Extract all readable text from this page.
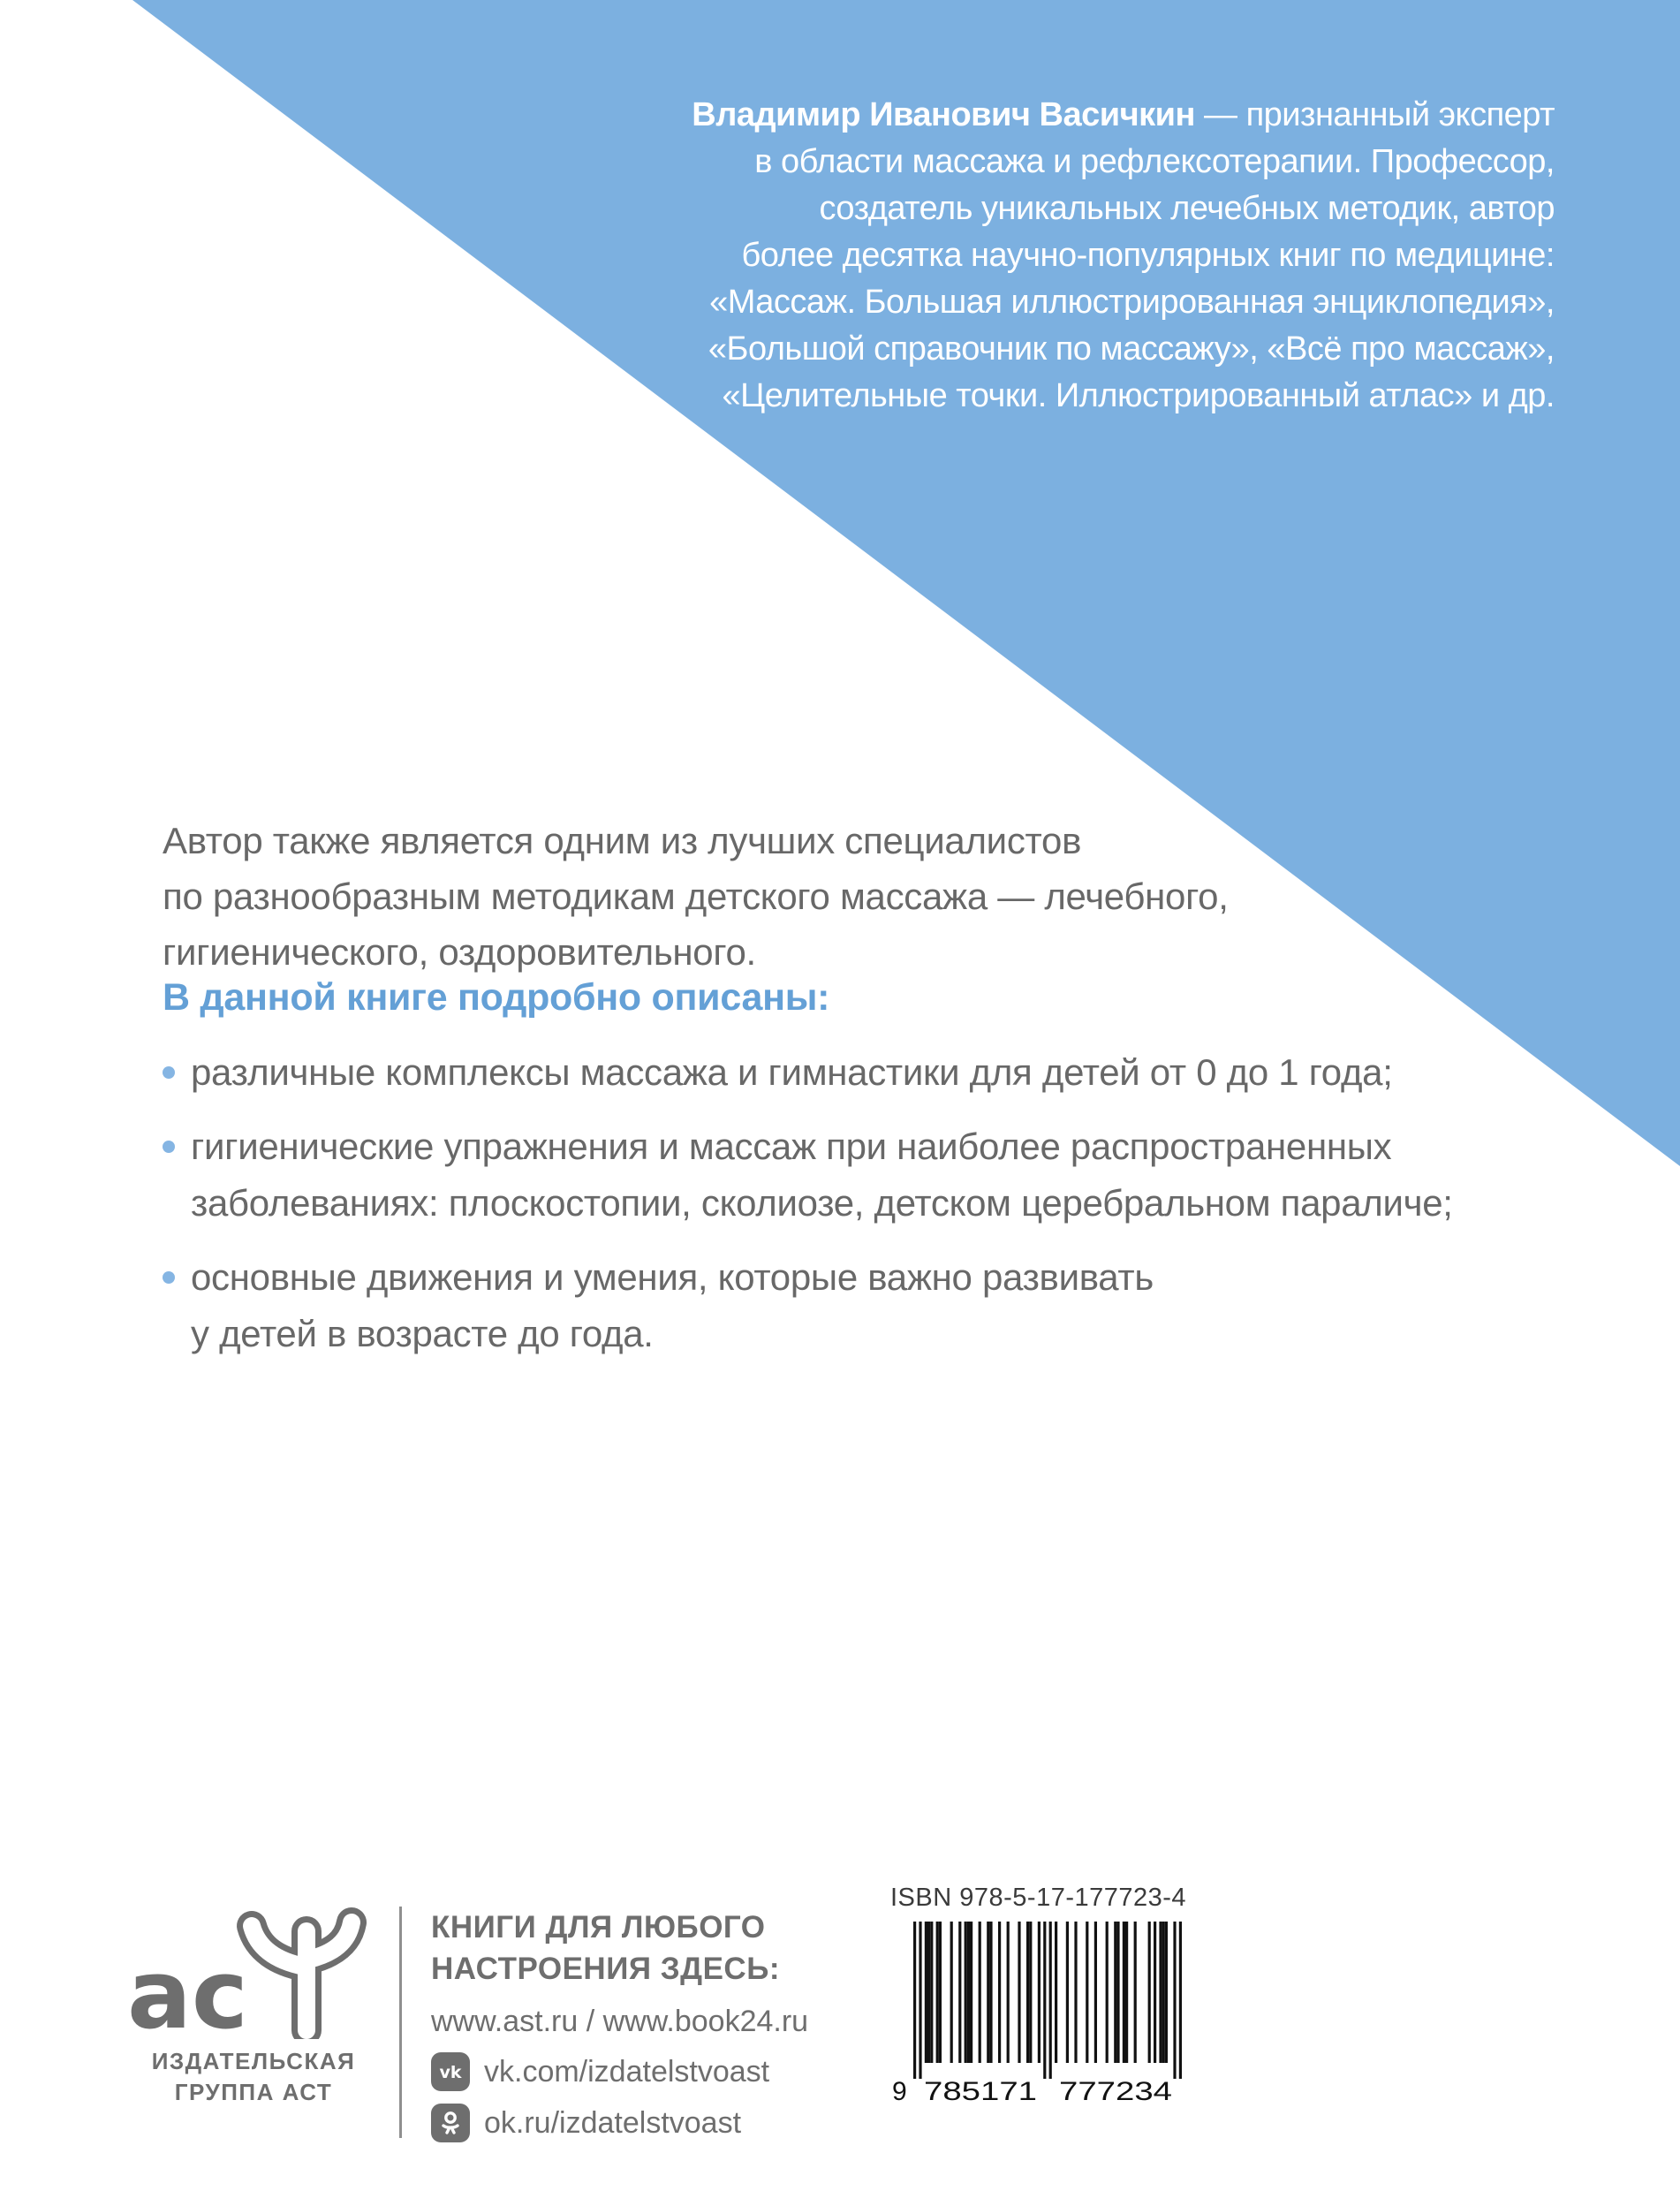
Владимир Иванович Васичкин — признанный эксперт
в области массажа и рефлексотерапии. Профессор,
создатель уникальных лечебных методик, автор
более десятка научно-популярных книг по медицине:
«Массаж. Большая иллюстрированная энциклопедия»,
«Большой справочник по массажу», «Всё про массаж»,
«Целительные точки. Иллюстрированный атлас» и др.
Автор также является одним из лучших специалистов
по разнообразным методикам детского массажа — лечебного,
гигиенического, оздоровительного.
В данной книге подробно описаны:
различные комплексы массажа и гимнастики для детей от 0 до 1 года;
гигиенические упражнения и массаж при наиболее распространенных
заболеваниях: плоскостопии, сколиозе, детском церебральном параличе;
основные движения и умения, которые важно развивать
у детей в возрасте до года.
ас
ИЗДАТЕЛЬСКАЯ
ГРУППА АСТ
КНИГИ ДЛЯ ЛЮБОГО
НАСТРОЕНИЯ ЗДЕСЬ:
www.ast.ru / www.book24.ru
vk vk.com/izdatelstvoast
ok.ru/izdatelstvoast
ISBN 978-5-17-177723-4
9 785171 777234
